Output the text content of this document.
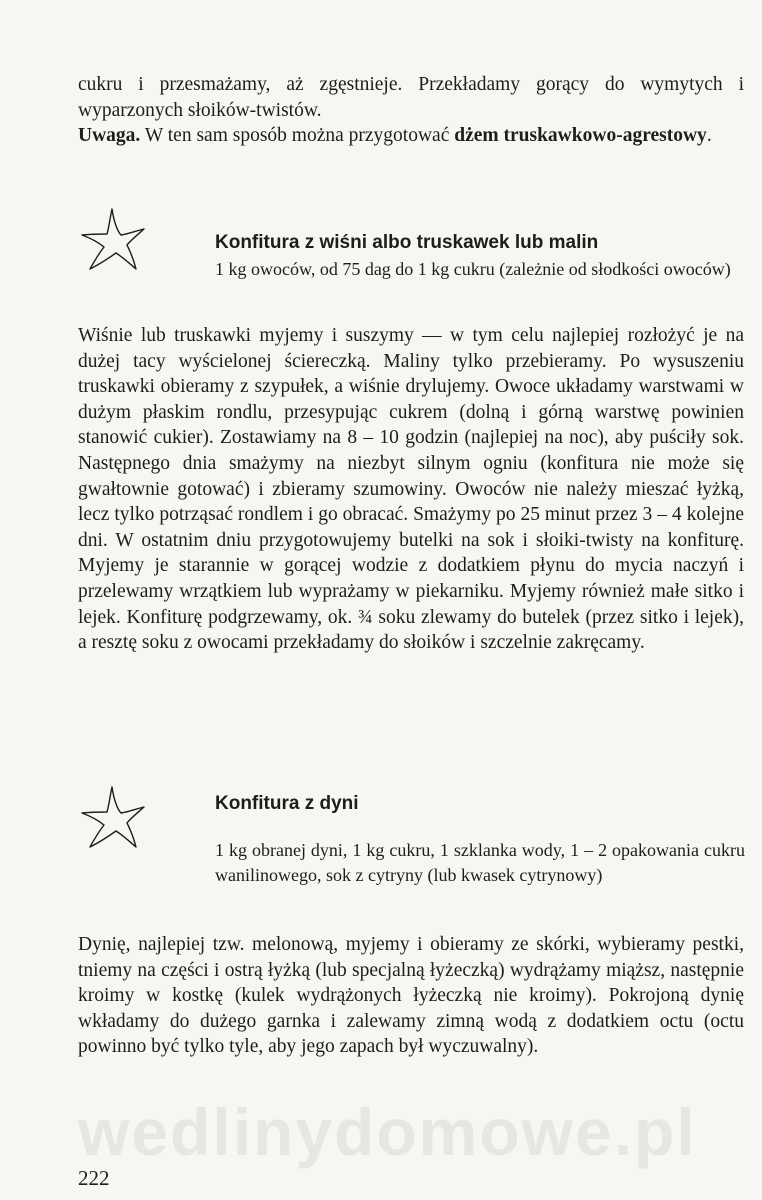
wedlinydomowe.pl

cukru i przesmażamy, aż zgęstnieje. Przekładamy gorący do wymytych i wyparzonych słoików-twistów.

Uwaga. W ten sam sposób można przygotować dżem truskawkowo-agrestowy.

Konfitura z wiśni albo truskawek lub malin

1 kg owoców, od 75 dag do 1 kg cukru (zależnie od słodkości owoców)

Wiśnie lub truskawki myjemy i suszymy — w tym celu najlepiej rozłożyć je na dużej tacy wyścielonej ściereczką. Maliny tylko przebieramy. Po wysuszeniu truskawki obieramy z szypułek, a wiśnie drylujemy. Owoce układamy warstwami w dużym płaskim rondlu, przesypując cukrem (dolną i górną warstwę powinien stanowić cukier). Zostawiamy na 8 – 10 godzin (najlepiej na noc), aby puściły sok. Następnego dnia smażymy na niezbyt silnym ogniu (konfitura nie może się gwałtownie gotować) i zbieramy szumowiny. Owoców nie należy mieszać łyżką, lecz tylko potrząsać rondlem i go obracać. Smażymy po 25 minut przez 3 – 4 kolejne dni. W ostatnim dniu przygotowujemy butelki na sok i słoiki-twisty na konfiturę. Myjemy je starannie w gorącej wodzie z dodatkiem płynu do mycia naczyń i przelewamy wrzątkiem lub wyprażamy w piekarniku. Myjemy również małe sitko i lejek. Konfiturę podgrzewamy, ok. ¾ soku zlewamy do butelek (przez sitko i lejek), a resztę soku z owocami przekładamy do słoików i szczelnie zakręcamy.

Konfitura z dyni

1 kg obranej dyni, 1 kg cukru, 1 szklanka wody, 1 – 2 opakowania cukru wanilinowego, sok z cytryny (lub kwasek cytrynowy)

Dynię, najlepiej tzw. melonową, myjemy i obieramy ze skórki, wybieramy pestki, tniemy na części i ostrą łyżką (lub specjalną łyżeczką) wydrążamy miąższ, następnie kroimy w kostkę (kulek wydrążonych łyżeczką nie kroimy). Pokrojoną dynię wkładamy do dużego garnka i zalewamy zimną wodą z dodatkiem octu (octu powinno być tylko tyle, aby jego zapach był wyczuwalny).

222
